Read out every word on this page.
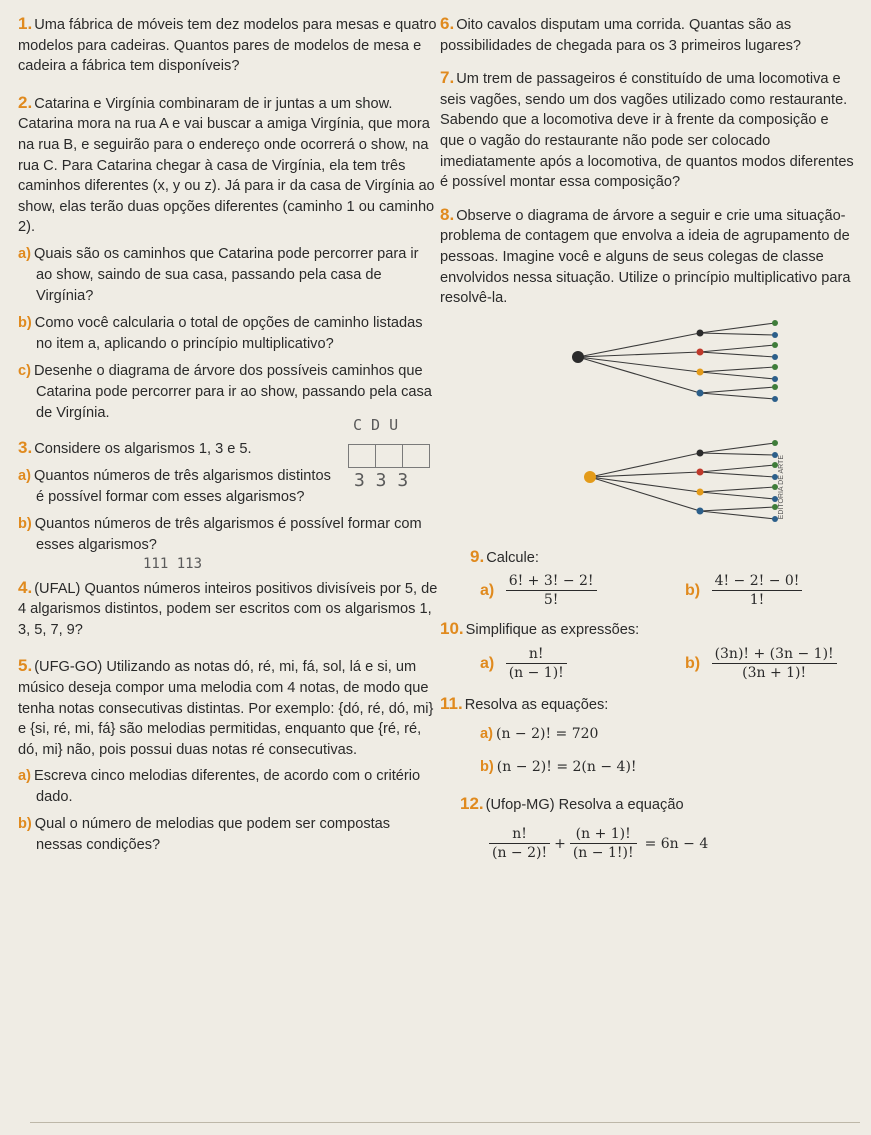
1. Uma fábrica de móveis tem dez modelos para mesas e quatro modelos para cadeiras. Quantos pares de modelos de mesa e cadeira a fábrica tem disponíveis?

2. Catarina e Virgínia combinaram de ir juntas a um show. Catarina mora na rua A e vai buscar a amiga Virgínia, que mora na rua B, e seguirão para o endereço onde ocorrerá o show, na rua C. Para Catarina chegar à casa de Virgínia, ela tem três caminhos diferentes (x, y ou z). Já para ir da casa de Virgínia ao show, elas terão duas opções diferentes (caminho 1 ou caminho 2).

a) Quais são os caminhos que Catarina pode percorrer para ir ao show, saindo de sua casa, passando pela casa de Virgínia?

b) Como você calcularia o total de opções de caminho listadas no item a, aplicando o princípio multiplicativo?

c) Desenhe o diagrama de árvore dos possíveis caminhos que Catarina pode percorrer para ir ao show, passando pela casa de Virgínia.

3. Considere os algarismos 1, 3 e 5.

a) Quantos números de três algarismos distintos é possível formar com esses algarismos?

b) Quantos números de três algarismos é possível formar com esses algarismos?

C D U
3 3 3
111 113

4. (UFAL) Quantos números inteiros positivos divisíveis por 5, de 4 algarismos distintos, podem ser escritos com os algarismos 1, 3, 5, 7, 9?

5. (UFG-GO) Utilizando as notas dó, ré, mi, fá, sol, lá e si, um músico deseja compor uma melodia com 4 notas, de modo que tenha notas consecutivas distintas. Por exemplo: {dó, ré, dó, mi} e {si, ré, mi, fá} são melodias permitidas, enquanto que {ré, ré, dó, mi} não, pois possui duas notas ré consecutivas.

a) Escreva cinco melodias diferentes, de acordo com o critério dado.

b) Qual o número de melodias que podem ser compostas nessas condições?

6. Oito cavalos disputam uma corrida. Quantas são as possibilidades de chegada para os 3 primeiros lugares?

7. Um trem de passageiros é constituído de uma locomotiva e seis vagões, sendo um dos vagões utilizado como restaurante. Sabendo que a locomotiva deve ir à frente da composição e que o vagão do restaurante não pode ser colocado imediatamente após a locomotiva, de quantos modos diferentes é possível montar essa composição?

8. Observe o diagrama de árvore a seguir e crie uma situação-problema de contagem que envolva a ideia de agrupamento de pessoas. Imagine você e alguns de seus colegas de classe envolvidos nessa situação. Utilize o princípio multiplicativo para resolvê-la.

EDITORIA DE ARTE

9. Calcule:

$a) \frac{6! + 3! - 2!}{5!}$	$b) \frac{4! - 2! - 0!}{1!}$

10. Simplifique as expressões:

$a) \frac{n!}{(n - 1)!}$	$b) \frac{(3n)! + (3n - 1)!}{(3n + 1)!}$

11. Resolva as equações:

a) (n − 2)! = 720

b) (n − 2)! = 2(n − 4)!

12. (Ufop-MG) Resolva a equação

$\frac{n!}{(n - 2)!} + \frac{(n + 1)!}{(n - 1!)!} = 6n - 4$
